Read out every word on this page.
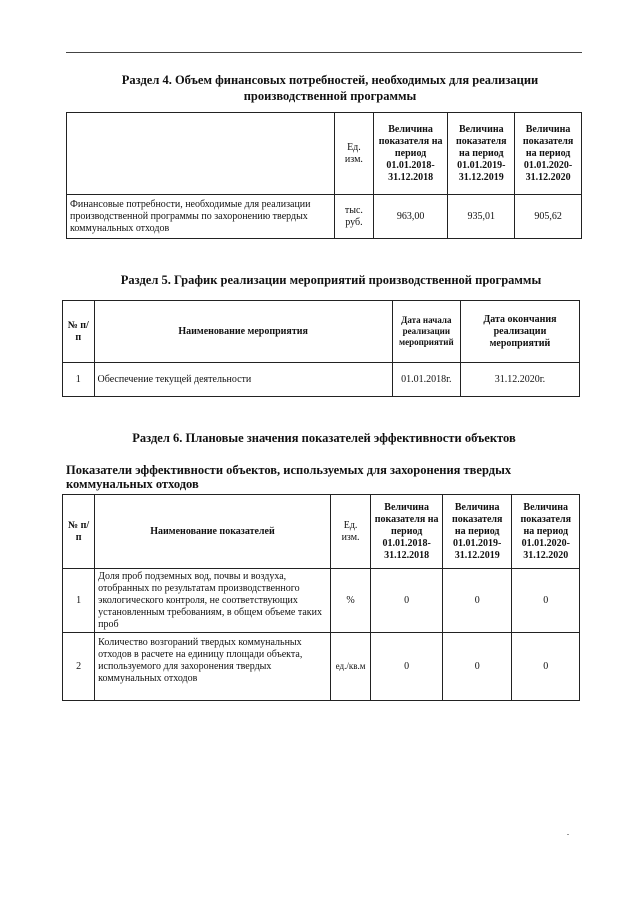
Раздел 4. Объем финансовых потребностей, необходимых для реализации производственной программы
	Ед. изм.	Величина показателя на период 01.01.2018-31.12.2018	Величина показателя на период 01.01.2019-31.12.2019	Величина показателя на период 01.01.2020-31.12.2020
Финансовые потребности, необходимые для реализации производственной программы по захоронению твердых коммунальных отходов	тыс. руб.	963,00	935,01	905,62
Раздел 5. График реализации мероприятий производственной программы
№ п/п	Наименование мероприятия	Дата начала реализации мероприятий	Дата окончания реализации мероприятий
1	Обеспечение текущей деятельности	01.01.2018г.	31.12.2020г.
Раздел 6. Плановые значения показателей эффективности объектов
Показатели эффективности объектов, используемых для захоронения твердых коммунальных отходов
№ п/п	Наименование показателей	Ед. изм.	Величина показателя на период 01.01.2018-31.12.2018	Величина показателя на период 01.01.2019-31.12.2019	Величина показателя на период 01.01.2020-31.12.2020
1	Доля проб подземных вод, почвы и воздуха, отобранных по результатам производственного экологического контроля, не соответствующих установленным требованиям, в общем объеме таких проб	%	0	0	0
2	Количество возгораний твердых коммунальных отходов в расчете на единицу площади объекта, используемого для захоронения твердых коммунальных отходов	ед./кв.м	0	0	0
